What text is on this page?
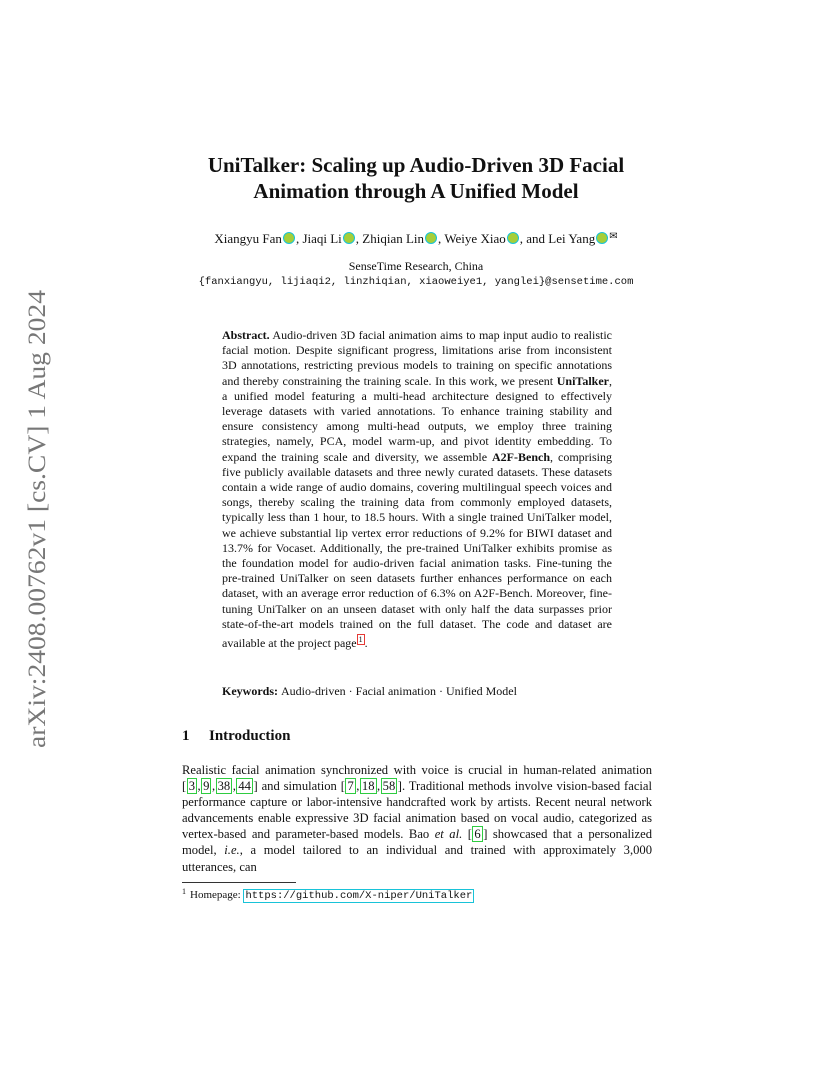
arXiv:2408.00762v1 [cs.CV] 1 Aug 2024
UniTalker: Scaling up Audio-Driven 3D Facial
Animation through A Unified Model
Xiangyu Fan , Jiaqi Li , Zhiqian Lin , Weiye Xiao , and Lei Yang ✉
SenseTime Research, China
{fanxiangyu, lijiaqi2, linzhiqian, xiaoweiye1, yanglei}@sensetime.com
Abstract. Audio-driven 3D facial animation aims to map input audio to realistic facial motion. Despite significant progress, limitations arise from inconsistent 3D annotations, restricting previous models to training on specific annotations and thereby constraining the training scale. In this work, we present UniTalker, a unified model featuring a multi-head architecture designed to effectively leverage datasets with varied annotations. To enhance training stability and ensure consistency among multi-head outputs, we employ three training strategies, namely, PCA, model warm-up, and pivot identity embedding. To expand the training scale and diversity, we assemble A2F-Bench, comprising five publicly available datasets and three newly curated datasets. These datasets contain a wide range of audio domains, covering multilingual speech voices and songs, thereby scaling the training data from commonly employed datasets, typically less than 1 hour, to 18.5 hours. With a single trained UniTalker model, we achieve substantial lip vertex error reductions of 9.2% for BIWI dataset and 13.7% for Vocaset. Additionally, the pre-trained UniTalker exhibits promise as the foundation model for audio-driven facial animation tasks. Fine-tuning the pre-trained UniTalker on seen datasets further enhances performance on each dataset, with an average error reduction of 6.3% on A2F-Bench. Moreover, fine-tuning UniTalker on an unseen dataset with only half the data surpasses prior state-of-the-art models trained on the full dataset. The code and dataset are available at the project page $^1$ .
Keywords: Audio-driven · Facial animation · Unified Model
1 Introduction
Realistic facial animation synchronized with voice is crucial in human-related animation [ 3 , 9 , 38 , 44 ] and simulation [ 7 , 18 , 58 ]. Traditional methods involve vision-based facial performance capture or labor-intensive handcrafted work by artists. Recent neural network advancements enable expressive 3D facial animation based on vocal audio, categorized as vertex-based and parameter-based models. Bao et al. [ 6 ] showcased that a personalized model, i.e., a model tailored to an individual and trained with approximately 3,000 utterances, can
$^1$ Homepage: https://github.com/X-niper/UniTalker
